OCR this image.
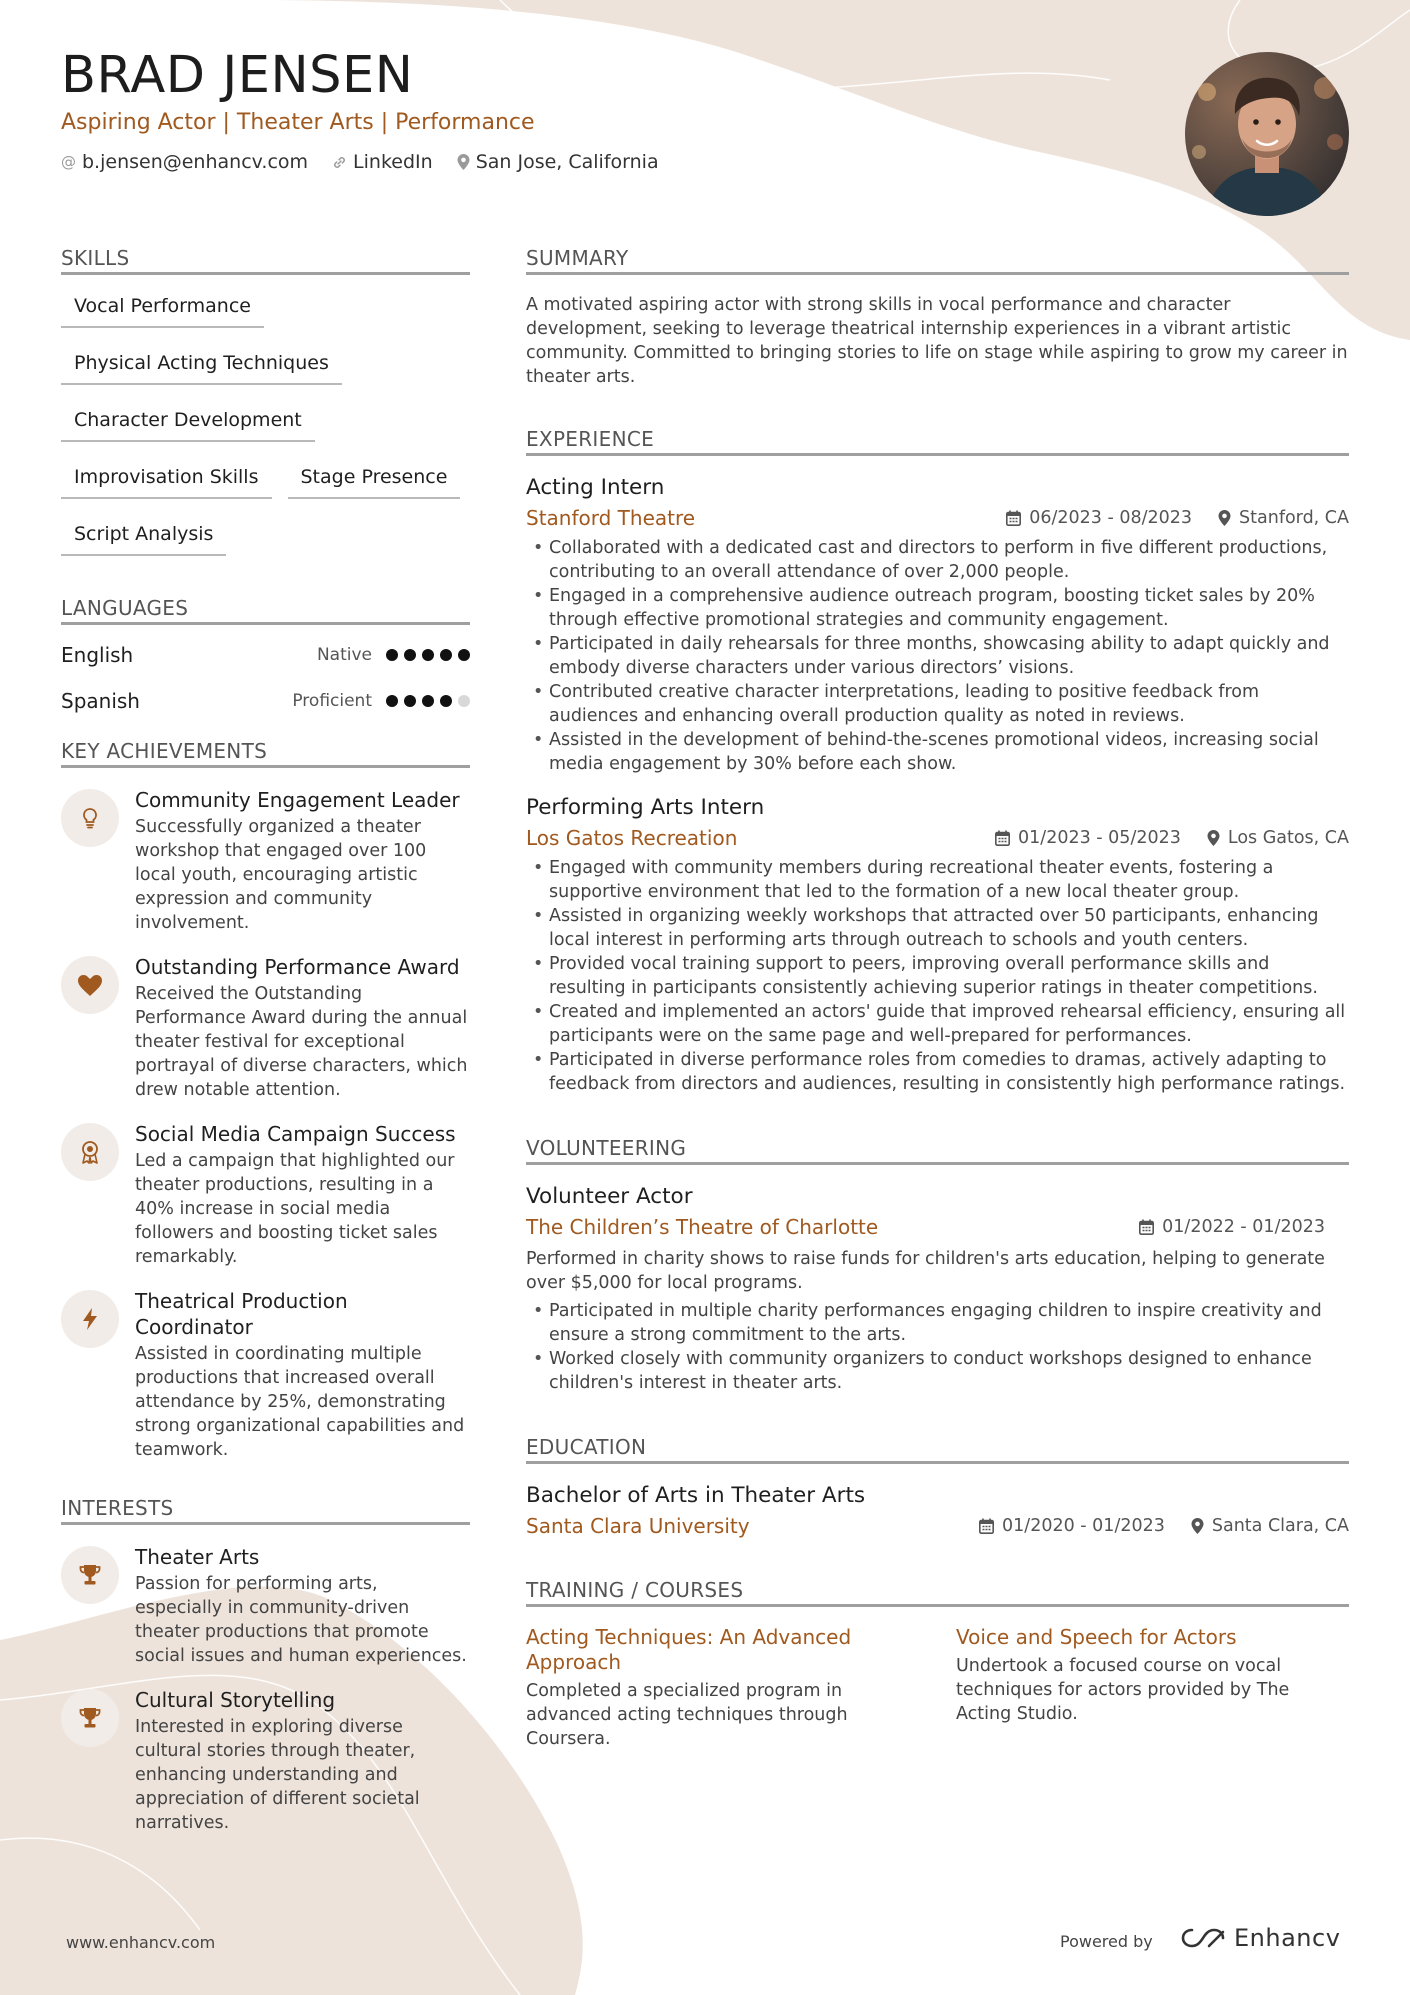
BRAD JENSEN
Aspiring Actor | Theater Arts | Performance
@ b.jensen@enhancv.com LinkedIn San Jose, California
SKILLS
Vocal Performance
Physical Acting Techniques
Character Development
Improvisation Skills	Stage Presence
Script Analysis
LANGUAGES
English	Native
Spanish	Proficient
KEY ACHIEVEMENTS
Community Engagement Leader
Successfully organized a theater workshop that engaged over 100 local youth, encouraging artistic expression and community involvement.
Outstanding Performance Award
Received the Outstanding Performance Award during the annual theater festival for exceptional portrayal of diverse characters, which drew notable attention.
Social Media Campaign Success
Led a campaign that highlighted our theater productions, resulting in a 40% increase in social media followers and boosting ticket sales remarkably.
Theatrical Production Coordinator
Assisted in coordinating multiple productions that increased overall attendance by 25%, demonstrating strong organizational capabilities and teamwork.
INTERESTS
Theater Arts
Passion for performing arts, especially in community-driven theater productions that promote social issues and human experiences.
Cultural Storytelling
Interested in exploring diverse cultural stories through theater, enhancing understanding and appreciation of different societal narratives.
SUMMARY
A motivated aspiring actor with strong skills in vocal performance and character development, seeking to leverage theatrical internship experiences in a vibrant artistic community. Committed to bringing stories to life on stage while aspiring to grow my career in theater arts.
EXPERIENCE
Acting Intern
Stanford Theatre	06/2023 - 08/2023	Stanford, CA
• Collaborated with a dedicated cast and directors to perform in five different productions, contributing to an overall attendance of over 2,000 people.
• Engaged in a comprehensive audience outreach program, boosting ticket sales by 20% through effective promotional strategies and community engagement.
• Participated in daily rehearsals for three months, showcasing ability to adapt quickly and embody diverse characters under various directors’ visions.
• Contributed creative character interpretations, leading to positive feedback from audiences and enhancing overall production quality as noted in reviews.
• Assisted in the development of behind-the-scenes promotional videos, increasing social media engagement by 30% before each show.
Performing Arts Intern
Los Gatos Recreation	01/2023 - 05/2023	Los Gatos, CA
• Engaged with community members during recreational theater events, fostering a supportive environment that led to the formation of a new local theater group.
• Assisted in organizing weekly workshops that attracted over 50 participants, enhancing local interest in performing arts through outreach to schools and youth centers.
• Provided vocal training support to peers, improving overall performance skills and resulting in participants consistently achieving superior ratings in theater competitions.
• Created and implemented an actors' guide that improved rehearsal efficiency, ensuring all participants were on the same page and well-prepared for performances.
• Participated in diverse performance roles from comedies to dramas, actively adapting to feedback from directors and audiences, resulting in consistently high performance ratings.
VOLUNTEERING
Volunteer Actor
The Children’s Theatre of Charlotte	01/2022 - 01/2023
Performed in charity shows to raise funds for children's arts education, helping to generate over $5,000 for local programs.
• Participated in multiple charity performances engaging children to inspire creativity and ensure a strong commitment to the arts.
• Worked closely with community organizers to conduct workshops designed to enhance children's interest in theater arts.
EDUCATION
Bachelor of Arts in Theater Arts
Santa Clara University	01/2020 - 01/2023	Santa Clara, CA
TRAINING / COURSES
Acting Techniques: An Advanced Approach
Completed a specialized program in advanced acting techniques through Coursera.
Voice and Speech for Actors
Undertook a focused course on vocal techniques for actors provided by The Acting Studio.
www.enhancv.com	Powered by	Enhancv
